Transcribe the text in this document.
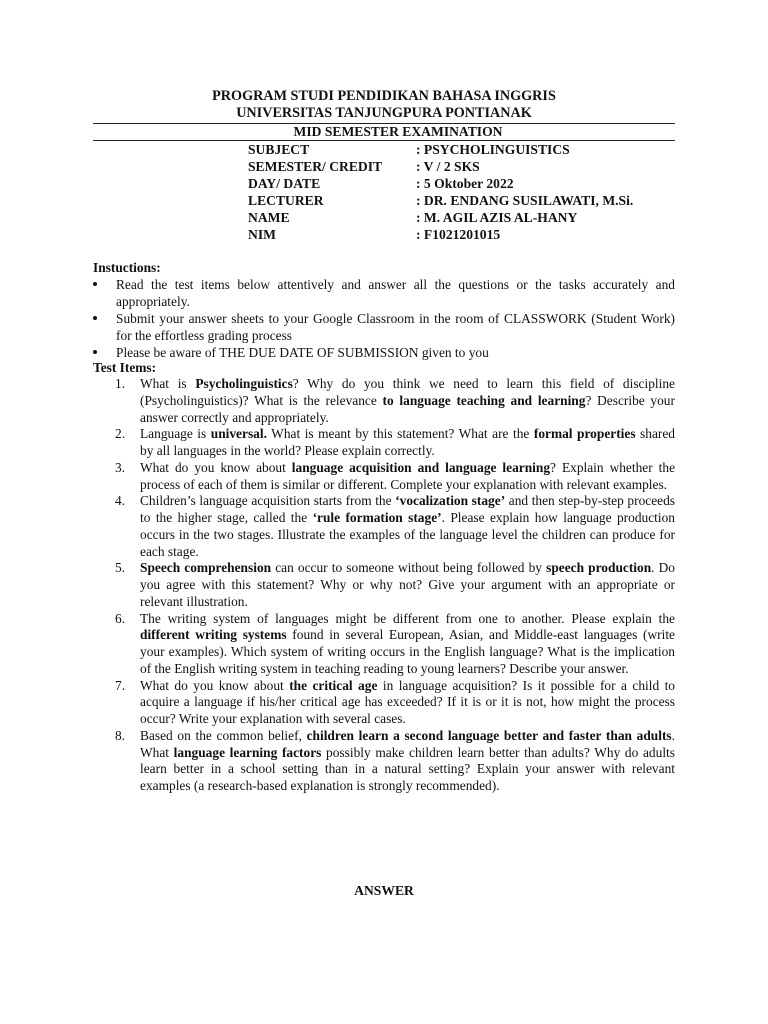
PROGRAM STUDI PENDIDIKAN BAHASA INGGRIS
UNIVERSITAS TANJUNGPURA PONTIANAK
MID SEMESTER EXAMINATION
SUBJECT	: PSYCHOLINGUISTICS
SEMESTER/ CREDIT : V / 2 SKS
DAY/ DATE	: 5 Oktober 2022
LECTURER	: DR. ENDANG SUSILAWATI, M.Si.
NAME	: M. AGIL AZIS AL-HANY
NIM	: F1021201015
Instuctions:
Read the test items below attentively and answer all the questions or the tasks accurately and appropriately.
Submit your answer sheets to your Google Classroom in the room of CLASSWORK (Student Work) for the effortless grading process
Please be aware of THE DUE DATE OF SUBMISSION given to you
Test Items:
1. What is Psycholinguistics? Why do you think we need to learn this field of discipline (Psycholinguistics)? What is the relevance to language teaching and learning? Describe your answer correctly and appropriately.
2. Language is universal. What is meant by this statement? What are the formal properties shared by all languages in the world? Please explain correctly.
3. What do you know about language acquisition and language learning? Explain whether the process of each of them is similar or different. Complete your explanation with relevant examples.
4. Children’s language acquisition starts from the ‘vocalization stage’ and then step-by-step proceeds to the higher stage, called the ‘rule formation stage’. Please explain how language production occurs in the two stages. Illustrate the examples of the language level the children can produce for each stage.
5. Speech comprehension can occur to someone without being followed by speech production. Do you agree with this statement? Why or why not? Give your argument with an appropriate or relevant illustration.
6. The writing system of languages might be different from one to another. Please explain the different writing systems found in several European, Asian, and Middle-east languages (write your examples). Which system of writing occurs in the English language? What is the implication of the English writing system in teaching reading to young learners? Describe your answer.
7. What do you know about the critical age in language acquisition? Is it possible for a child to acquire a language if his/her critical age has exceeded? If it is or it is not, how might the process occur? Write your explanation with several cases.
8. Based on the common belief, children learn a second language better and faster than adults. What language learning factors possibly make children learn better than adults? Why do adults learn better in a school setting than in a natural setting? Explain your answer with relevant examples (a research-based explanation is strongly recommended).
ANSWER
